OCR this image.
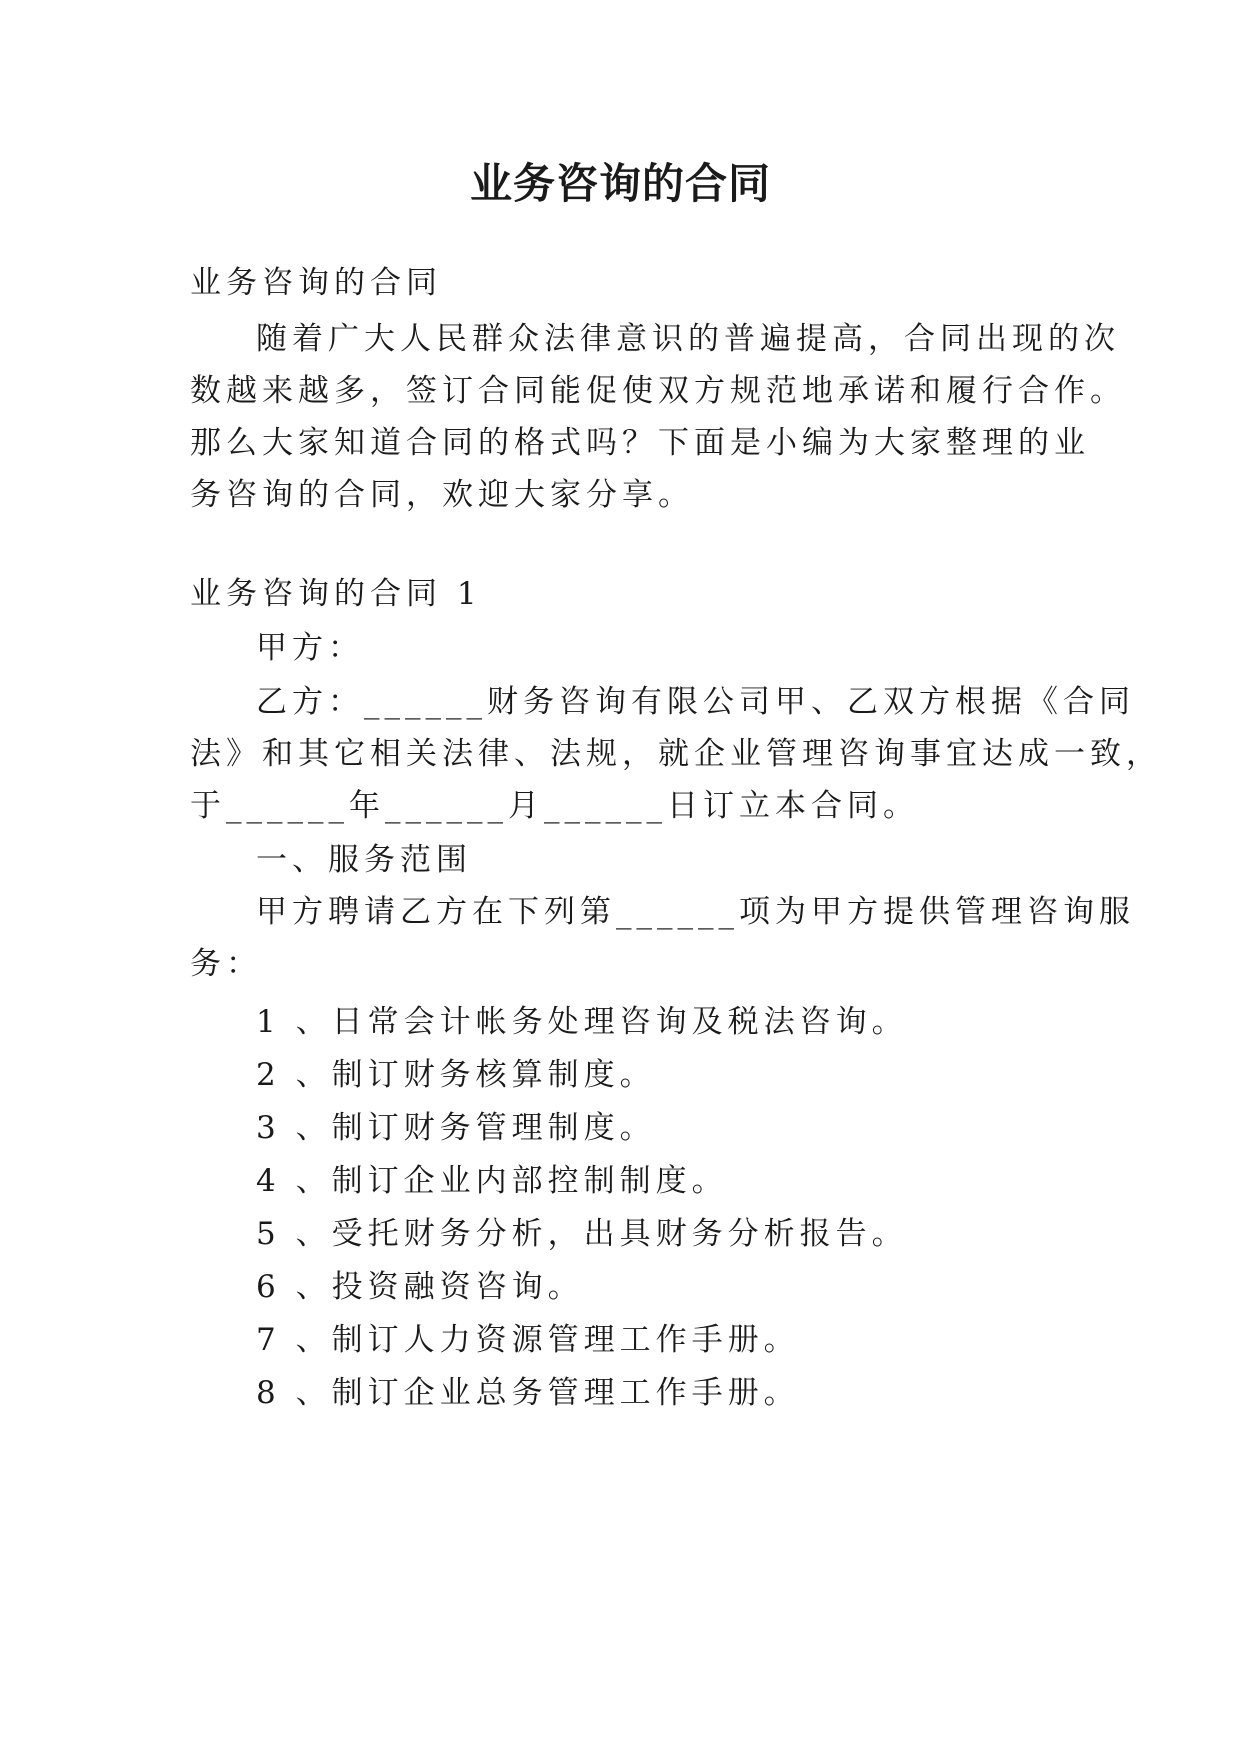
业务咨询的合同
业务咨询的合同
随着广大人民群众法律意识的普遍提高，合同出现的次
数越来越多，签订合同能促使双方规范地承诺和履行合作。
那么大家知道合同的格式吗？下面是小编为大家整理的业
务咨询的合同，欢迎大家分享。
业务咨询的合同 1
甲方：
乙方：______财务咨询有限公司甲、乙双方根据《合同
法》和其它相关法律、法规，就企业管理咨询事宜达成一致，
于______年______月______日订立本合同。
一、服务范围
甲方聘请乙方在下列第______项为甲方提供管理咨询服
务：
1 、日常会计帐务处理咨询及税法咨询。
2 、制订财务核算制度。
3 、制订财务管理制度。
4 、制订企业内部控制制度。
5 、受托财务分析，出具财务分析报告。
6 、投资融资咨询。
7 、制订人力资源管理工作手册。
8 、制订企业总务管理工作手册。
